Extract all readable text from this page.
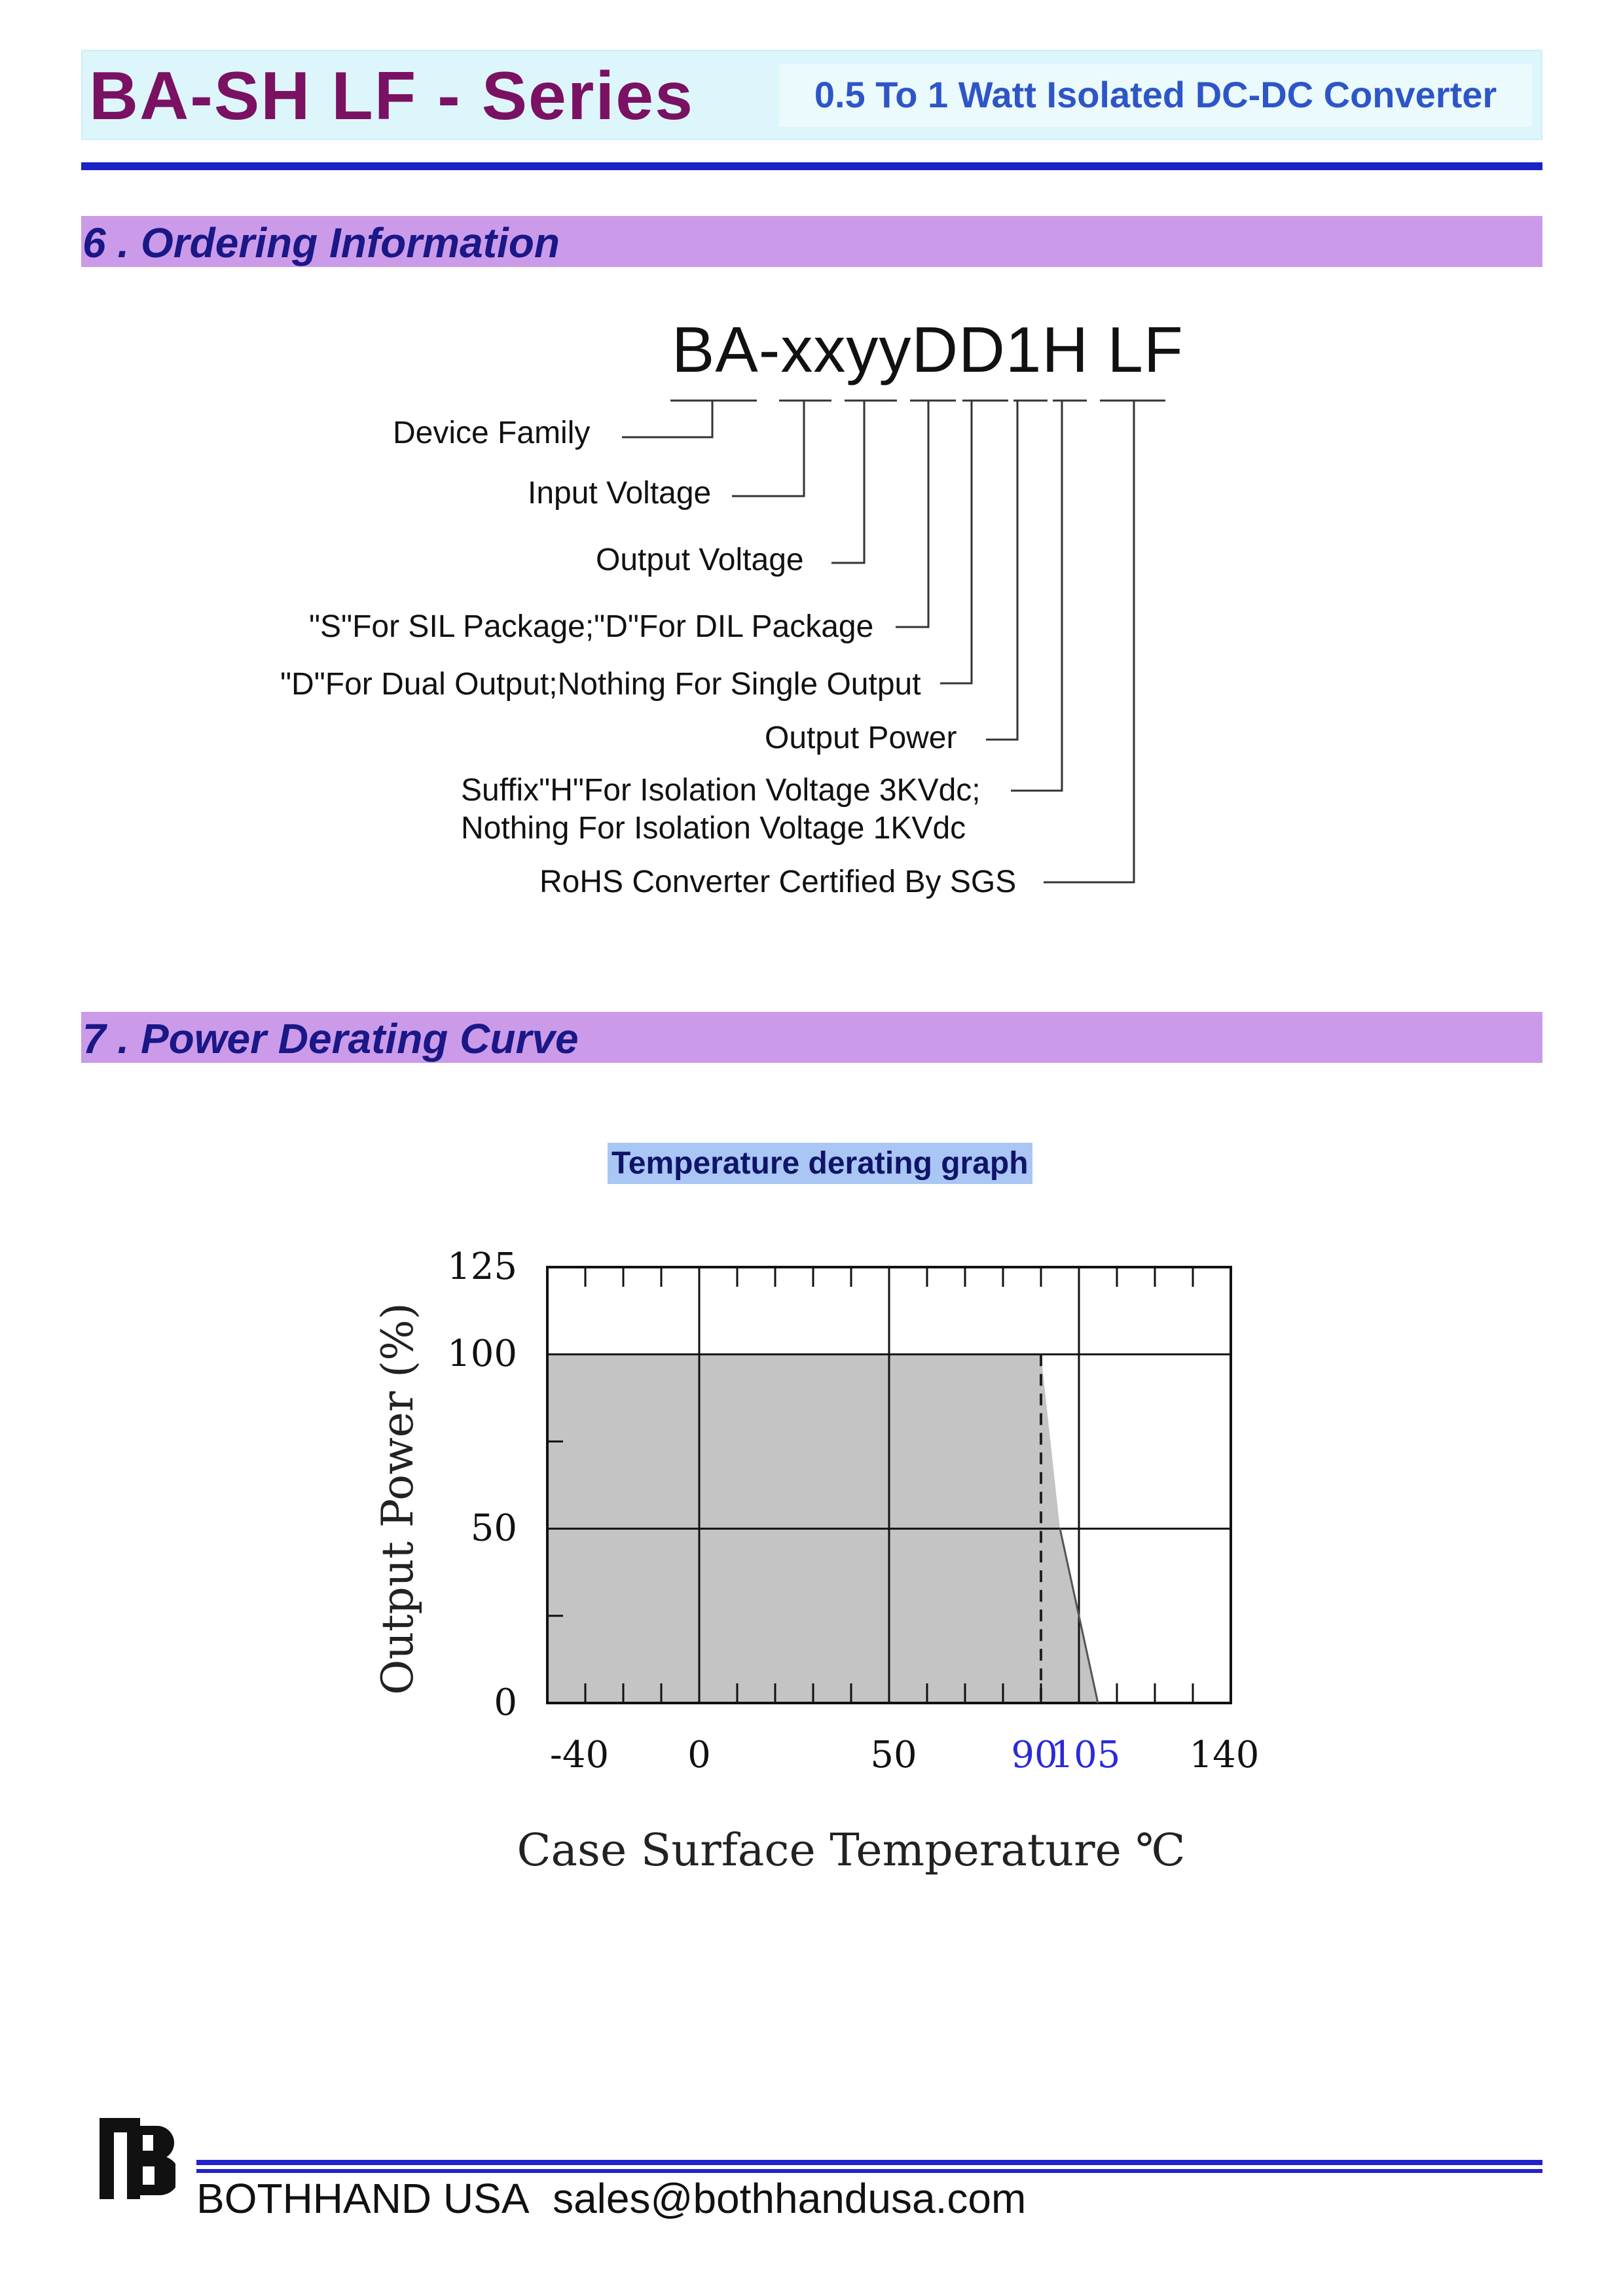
BA-SH LF - Series	0.5 To 1 Watt Isolated DC-DC Converter
6 . Ordering Information
BA-xxyyDD1H LF
Device Family
Input Voltage
Output Voltage
"S"For SIL Package;"D"For DIL Package
"D"For Dual Output;Nothing For Single Output
Output Power
Suffix"H"For Isolation Voltage 3KVdc;
Nothing For Isolation Voltage 1KVdc
RoHS Converter Certified By SGS
7 . Power Derating Curve
Temperature derating graph
0
50
100
125
-40 0	50	90
105 140
Case Surface Temperature ℃
Output Power (%)
BOTHHAND USA sales@bothhandusa.com
